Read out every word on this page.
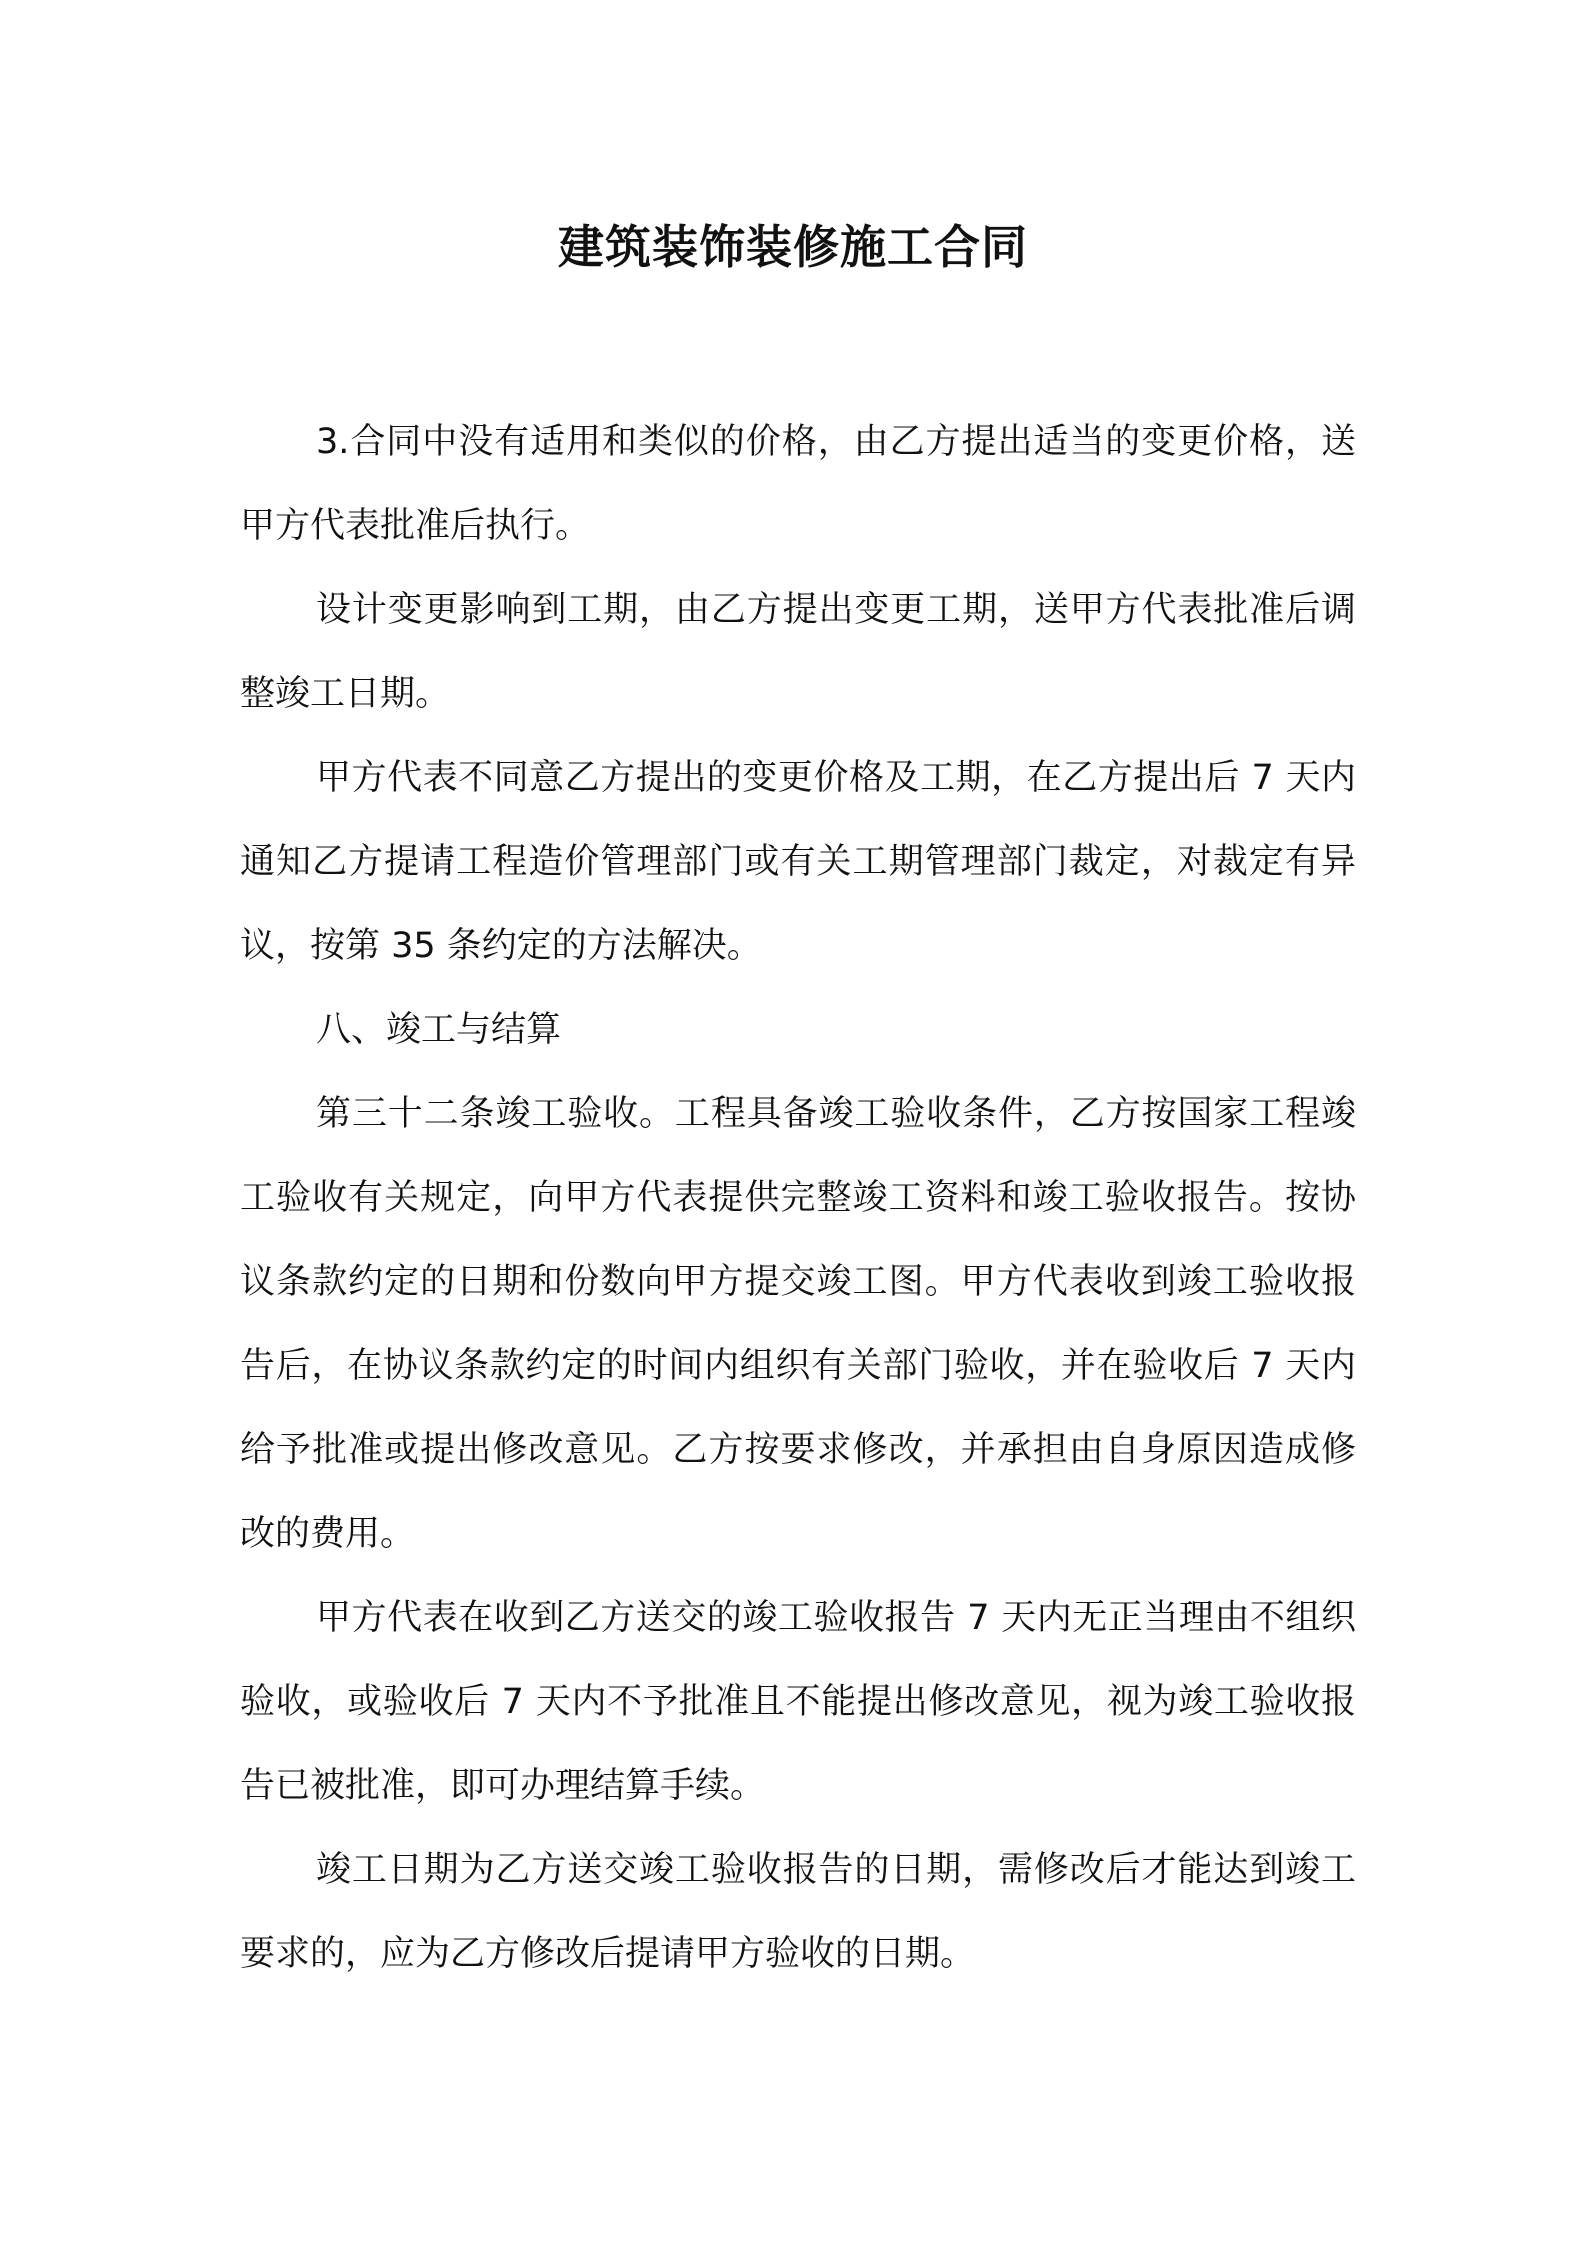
建筑装饰装修施工合同

3.合同中没有适用和类似的价格，由乙方提出适当的变更价格，送甲方代表批准后执行。

设计变更影响到工期，由乙方提出变更工期，送甲方代表批准后调整竣工日期。

甲方代表不同意乙方提出的变更价格及工期，在乙方提出后 7 天内通知乙方提请工程造价管理部门或有关工期管理部门裁定，对裁定有异议，按第 35 条约定的方法解决。

八、竣工与结算

第三十二条竣工验收。工程具备竣工验收条件，乙方按国家工程竣工验收有关规定，向甲方代表提供完整竣工资料和竣工验收报告。按协议条款约定的日期和份数向甲方提交竣工图。甲方代表收到竣工验收报告后，在协议条款约定的时间内组织有关部门验收，并在验收后 7 天内给予批准或提出修改意见。乙方按要求修改，并承担由自身原因造成修改的费用。

甲方代表在收到乙方送交的竣工验收报告 7 天内无正当理由不组织验收，或验收后 7 天内不予批准且不能提出修改意见，视为竣工验收报告已被批准，即可办理结算手续。

竣工日期为乙方送交竣工验收报告的日期，需修改后才能达到竣工要求的，应为乙方修改后提请甲方验收的日期。
